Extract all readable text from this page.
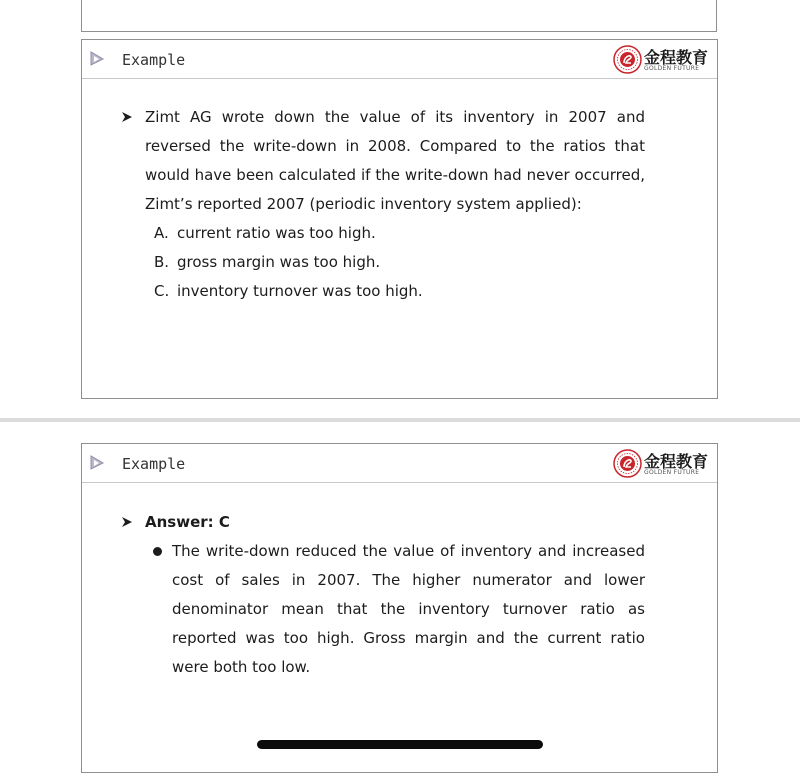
Example	金程教育
GOLDEN FUTURE
Zimt AG wrote down the value of its inventory in 2007 and reversed the write-down in 2008. Compared to the ratios that would have been calculated if the write-down had never occurred, Zimt’s reported 2007 (periodic inventory system applied):
A. current ratio was too high.
B. gross margin was too high.
C. inventory turnover was too high.
Example	金程教育
GOLDEN FUTURE
Answer: C
The write-down reduced the value of inventory and increased cost of sales in 2007. The higher numerator and lower denominator mean that the inventory turnover ratio as reported was too high. Gross margin and the current ratio were both too low.
